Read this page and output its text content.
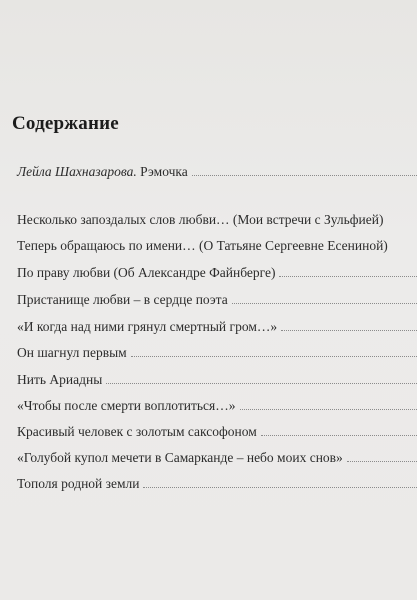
Содержание
Лейла Шахназарова. Рэмочка
Несколько запоздалых слов любви… (Мои встречи с Зульфией)
Теперь обращаюсь по имени… (О Татьяне Сергеевне Есениной)
По праву любви (Об Александре Файнберге)
Пристанище любви – в сердце поэта
«И когда над ними грянул смертный гром…»
Он шагнул первым
Нить Ариадны
«Чтобы после смерти воплотиться…»
Красивый человек с золотым саксофоном
«Голубой купол мечети в Самарканде – небо моих снов»
Тополя родной земли
